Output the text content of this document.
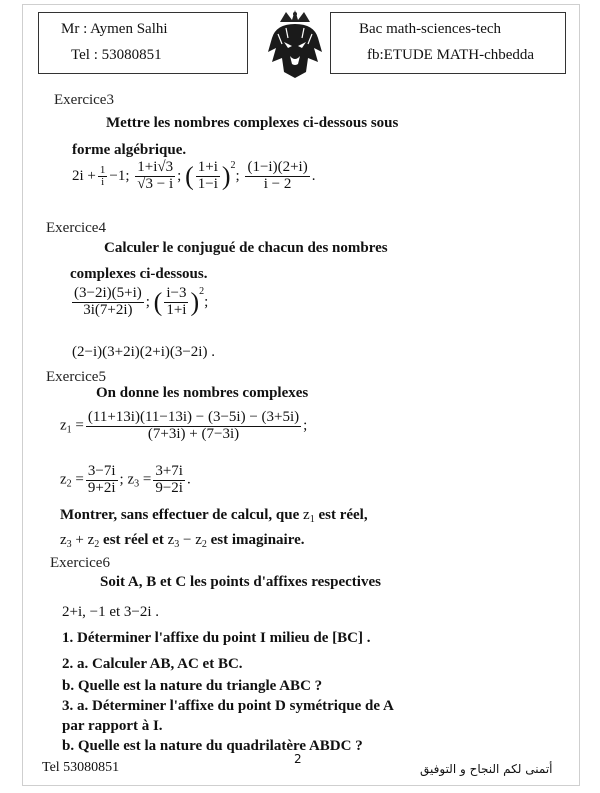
Mr : Aymen Salhi
Tel : 53080851
Bac math-sciences-tech
fb:ETUDE MATH-chbedda
Exercice3
Mettre les nombres complexes ci-dessous sous
forme algébrique.
$2i + \frac{1}{i} -1$; $\frac{1+i√3}{√3 - i}$ ; ( $\frac{1+i}{1-i} )^2$; $\frac{(1-i)(2+i)}{i - 2}$ .
Exercice4
Calculer le conjugué de chacun des nombres
complexes ci-dessous.
$\frac{(3-2i)(5+i)}{3i(7+2i)}$ ; ( $\frac{i-3}{1+i} )^2$;
(2−i)(3+2i)(2+i)(3−2i) .
Exercice5
On donne les nombres complexes
$z_1 = \frac{(11+13i)(11-13i) - (3-5i) - (3+5i)}{(7+3i) + (7-3i)}$ ;
$z_2 = \frac{3-7i}{9+2i}$ ; $z_3 = \frac{3+7i}{9-2i}$ .
Montrer, sans effectuer de calcul, que $z_1$ est réel,
$z_3 + z_2$ est réel et $z_3 - z_2$ est imaginaire.
Exercice6
Soit A, B et C les points d'affixes respectives
2+i, −1 et 3−2i .
1. Déterminer l'affixe du point I milieu de [BC] .
2. a. Calculer AB, AC et BC.
b. Quelle est la nature du triangle ABC ?
3. a. Déterminer l'affixe du point D symétrique de A
par rapport à I.
b. Quelle est la nature du quadrilatère ABDC ?
Tel 53080851
2
أتمنى لكم النجاح و التوفيق
